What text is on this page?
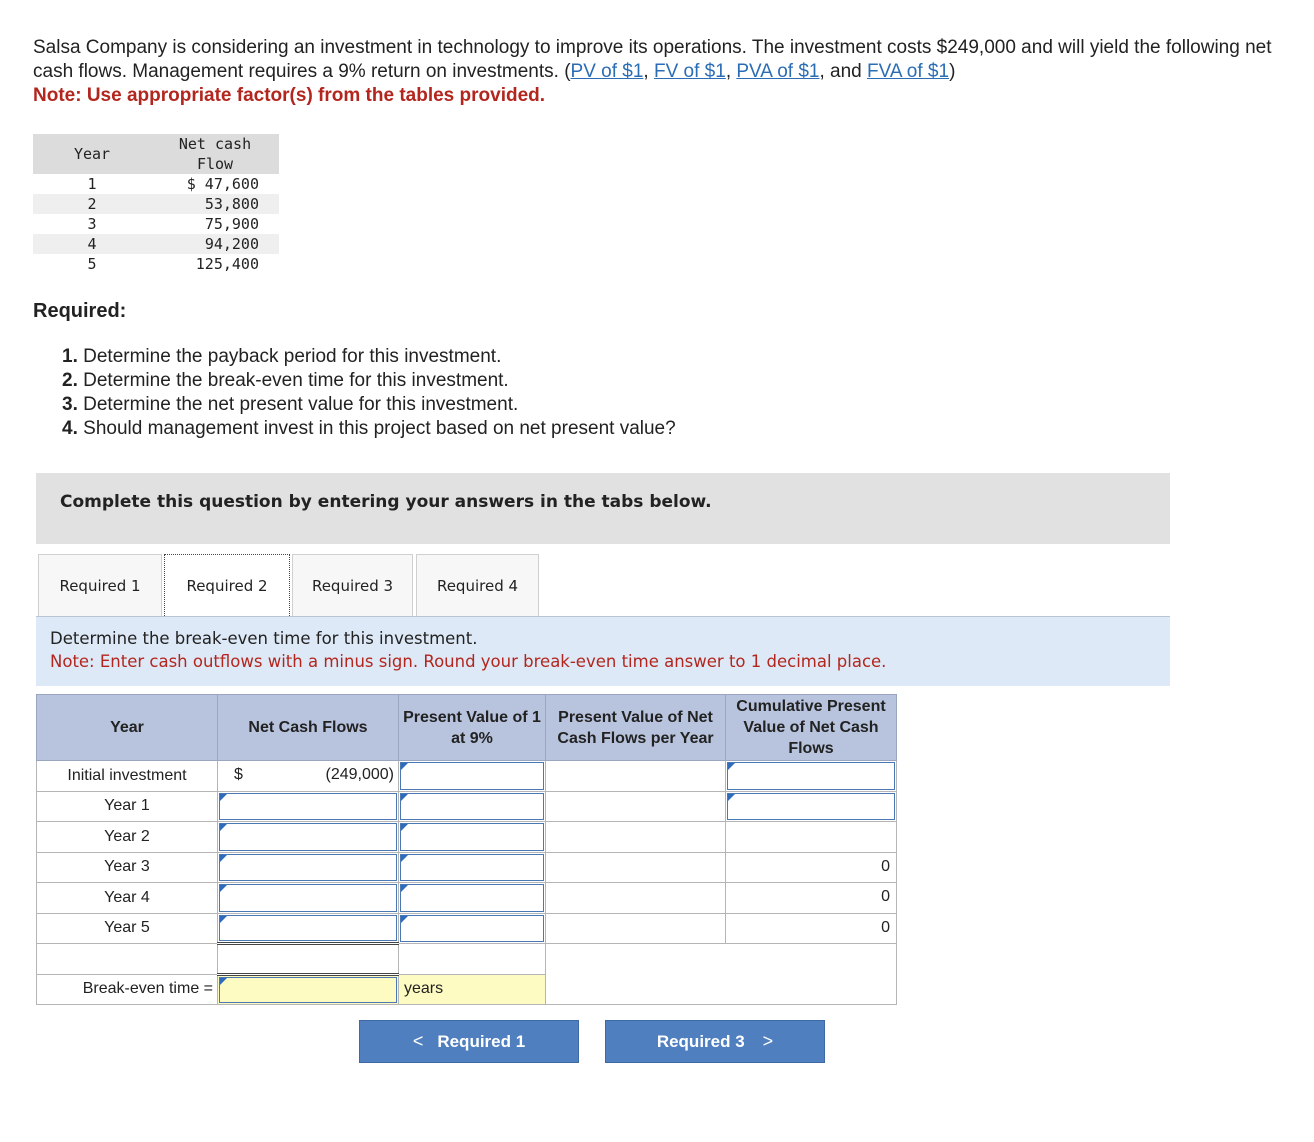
Salsa Company is considering an investment in technology to improve its operations. The investment costs $249,000 and will yield the following net cash flows. Management requires a 9% return on investments. (PV of $1, FV of $1, PVA of $1, and FVA of $1)
Note: Use appropriate factor(s) from the tables provided.
Year	Net cash Flow
1	$ 47,600
2	53,800
3	75,900
4	94,200
5	125,400
Required:
1. Determine the payback period for this investment.
2. Determine the break-even time for this investment.
3. Determine the net present value for this investment.
4. Should management invest in this project based on net present value?
Complete this question by entering your answers in the tabs below.
Required 1	Required 2	Required 3	Required 4
Determine the break-even time for this investment.
Note: Enter cash outflows with a minus sign. Round your break-even time answer to 1 decimal place.
Year	Net Cash Flows	Present Value of 1 at 9%	Present Value of Net Cash Flows per Year	Cumulative Present Value of Net Cash Flows
Initial investment	$ (249,000)			

Year 1	

Year 2	

Year 3				0

Year 4				0

Year 5				0

Break-even time =		years		
< Required 1	Required 3 >
